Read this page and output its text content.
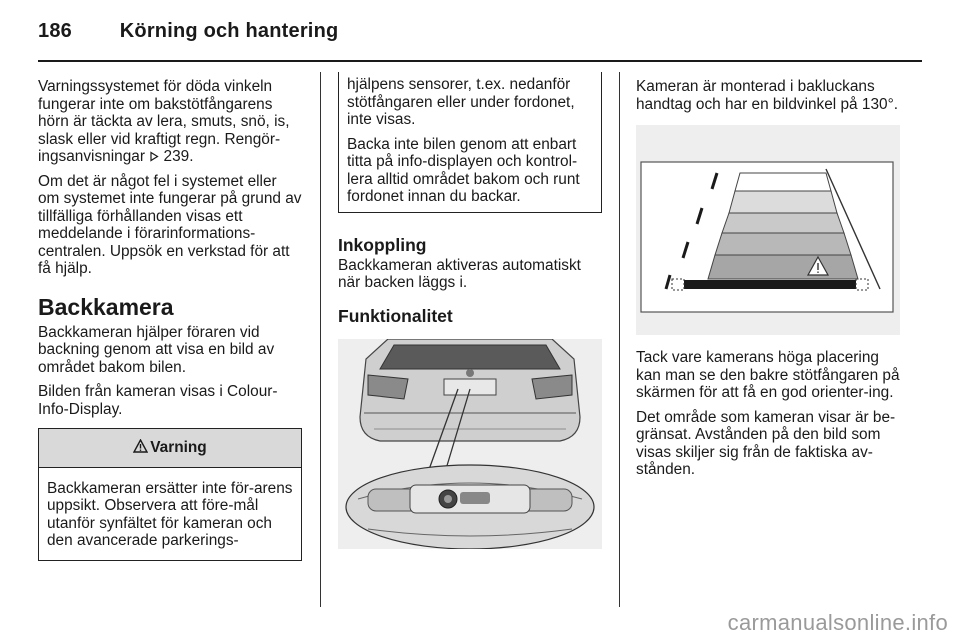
186 Körning och hantering

Varningssystemet för döda vinkeln fungerar inte om bakstötfångarens hörn är täckta av lera, smuts, snö, is, slask eller vid kraftigt regn. Rengör-ingsanvisningar 239.

Om det är något fel i systemet eller om systemet inte fungerar på grund av tillfälliga förhållanden visas ett meddelande i förarinformations-centralen. Uppsök en verkstad för att få hjälp.

Backkamera

Backkameran hjälper föraren vid backning genom att visa en bild av området bakom bilen.

Bilden från kameran visas i Colour-Info-Display.

Varning
Backkameran ersätter inte för-arens uppsikt. Observera att före-mål utanför synfältet för kameran och den avancerade parkerings-

hjälpens sensorer, t.ex. nedanför stötfångaren eller under fordonet, inte visas.

Backa inte bilen genom att enbart titta på info-displayen och kontrol-lera alltid området bakom och runt fordonet innan du backar.

Inkoppling

Backkameran aktiveras automatiskt när backen läggs i.

Funktionalitet

Kameran är monterad i bakluckans handtag och har en bildvinkel på 130°.

Tack vare kamerans höga placering kan man se den bakre stötfångaren på skärmen för att få en god orienter-ing.

Det område som kameran visar är be-gränsat. Avstånden på den bild som visas skiljer sig från de faktiska av-stånden.

carmanualsonline.info
